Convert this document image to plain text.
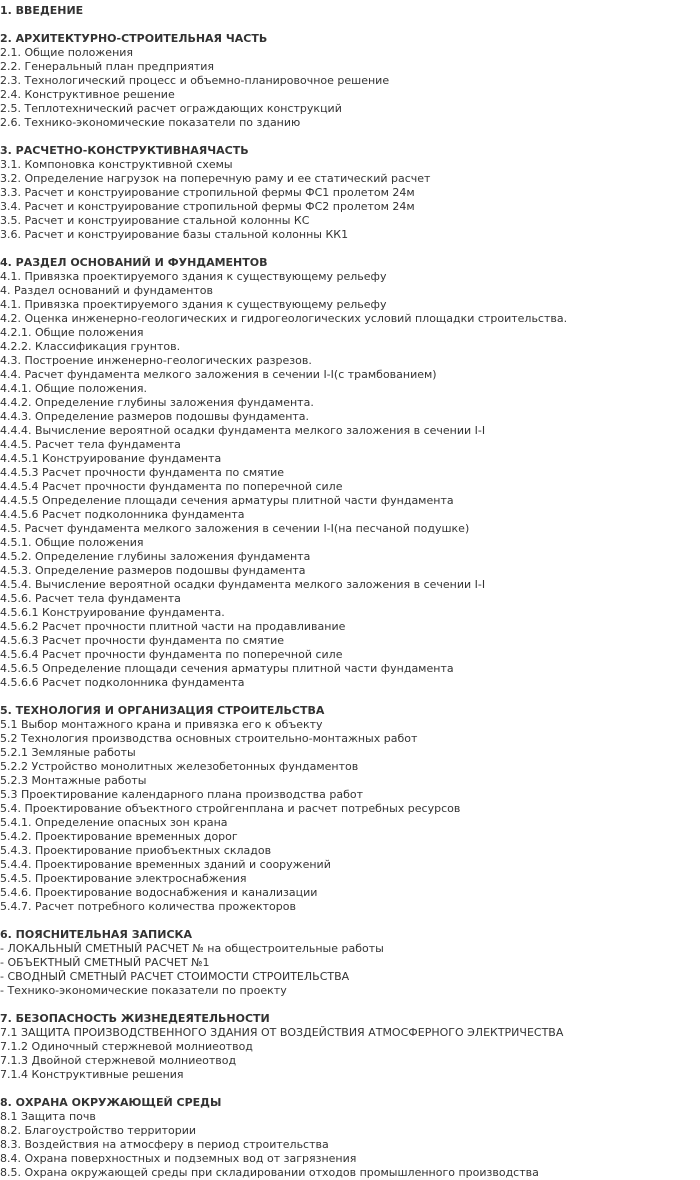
1. ВВЕДЕНИЕ
2. АРХИТЕКТУРНО-СТРОИТЕЛЬНАЯ ЧАСТЬ
2.1. Общие положения
2.2. Генеральный план предприятия
2.3. Технологический процесс и объемно-планировочное решение
2.4. Конструктивное решение
2.5. Теплотехнический расчет ограждающих конструкций
2.6. Технико-экономические показатели по зданию
3. РАСЧЕТНО-КОНСТРУКТИВНАЯЧАСТЬ
3.1. Компоновка конструктивной схемы
3.2. Определение нагрузок на поперечную раму и ее статический расчет
3.3. Расчет и конструирование стропильной фермы ФС1 пролетом 24м
3.4. Расчет и конструирование стропильной фермы ФС2 пролетом 24м
3.5. Расчет и конструирование стальной колонны КС
3.6. Расчет и конструирование базы стальной колонны КК1
4. РАЗДЕЛ ОСНОВАНИЙ И ФУНДАМЕНТОВ
4.1. Привязка проектируемого здания к существующему рельефу
4. Раздел оснований и фундаментов
4.1. Привязка проектируемого здания к существующему рельефу
4.2. Оценка инженерно-геологических и гидрогеологических условий площадки строительства.
4.2.1. Общие положения
4.2.2. Классификация грунтов.
4.3. Построение инженерно-геологических разрезов.
4.4. Расчет фундамента мелкого заложения в сечении I-I(с трамбованием)
4.4.1. Общие положения.
4.4.2. Определение глубины заложения фундамента.
4.4.3. Определение размеров подошвы фундамента.
4.4.4. Вычисление вероятной осадки фундамента мелкого заложения в сечении I-I
4.4.5. Расчет тела фундамента
4.4.5.1 Конструирование фундамента
4.4.5.3 Расчет прочности фундамента по смятие
4.4.5.4 Расчет прочности фундамента по поперечной силе
4.4.5.5 Определение площади сечения арматуры плитной части фундамента
4.4.5.6 Расчет подколонника фундамента
4.5. Расчет фундамента мелкого заложения в сечении I-I(на песчаной подушке)
4.5.1. Общие положения
4.5.2. Определение глубины заложения фундамента
4.5.3. Определение размеров подошвы фундамента
4.5.4. Вычисление вероятной осадки фундамента мелкого заложения в сечении I-I
4.5.6. Расчет тела фундамента
4.5.6.1 Конструирование фундамента.
4.5.6.2 Расчет прочности плитной части на продавливание
4.5.6.3 Расчет прочности фундамента по смятие
4.5.6.4 Расчет прочности фундамента по поперечной силе
4.5.6.5 Определение площади сечения арматуры плитной части фундамента
4.5.6.6 Расчет подколонника фундамента
5. ТЕХНОЛОГИЯ И ОРГАНИЗАЦИЯ СТРОИТЕЛЬСТВА
5.1 Выбор монтажного крана и привязка его к объекту
5.2 Технология производства основных строительно-монтажных работ
5.2.1 Земляные работы
5.2.2 Устройство монолитных железобетонных фундаментов
5.2.3 Монтажные работы
5.3 Проектирование календарного плана производства работ
5.4. Проектирование объектного стройгенплана и расчет потребных ресурсов
5.4.1. Определение опасных зон крана
5.4.2. Проектирование временных дорог
5.4.3. Проектирование приобъектных складов
5.4.4. Проектирование временных зданий и сооружений
5.4.5. Проектирование электроснабжения
5.4.6. Проектирование водоснабжения и канализации
5.4.7. Расчет потребного количества прожекторов
6. ПОЯСНИТЕЛЬНАЯ ЗАПИСКА
- ЛОКАЛЬНЫЙ СМЕТНЫЙ РАСЧЕТ № на общестроительные работы
- ОБЪЕКТНЫЙ СМЕТНЫЙ РАСЧЕТ №1
- СВОДНЫЙ СМЕТНЫЙ РАСЧЕТ СТОИМОСТИ СТРОИТЕЛЬСТВА
- Технико-экономические показатели по проекту
7. БЕЗОПАСНОСТЬ ЖИЗНЕДЕЯТЕЛЬНОСТИ
7.1 ЗАЩИТА ПРОИЗВОДСТВЕННОГО ЗДАНИЯ ОТ ВОЗДЕЙСТВИЯ АТМОСФЕРНОГО ЭЛЕКТРИЧЕСТВА
7.1.2 Одиночный стержневой молниеотвод
7.1.3 Двойной стержневой молниеотвод
7.1.4 Конструктивные решения
8. ОХРАНА ОКРУЖАЮЩЕЙ СРЕДЫ
8.1 Защита почв
8.2. Благоустройство территории
8.3. Воздействия на атмосферу в период строительства
8.4. Охрана поверхностных и подземных вод от загрязнения
8.5. Охрана окружающей среды при складировании отходов промышленного производства
